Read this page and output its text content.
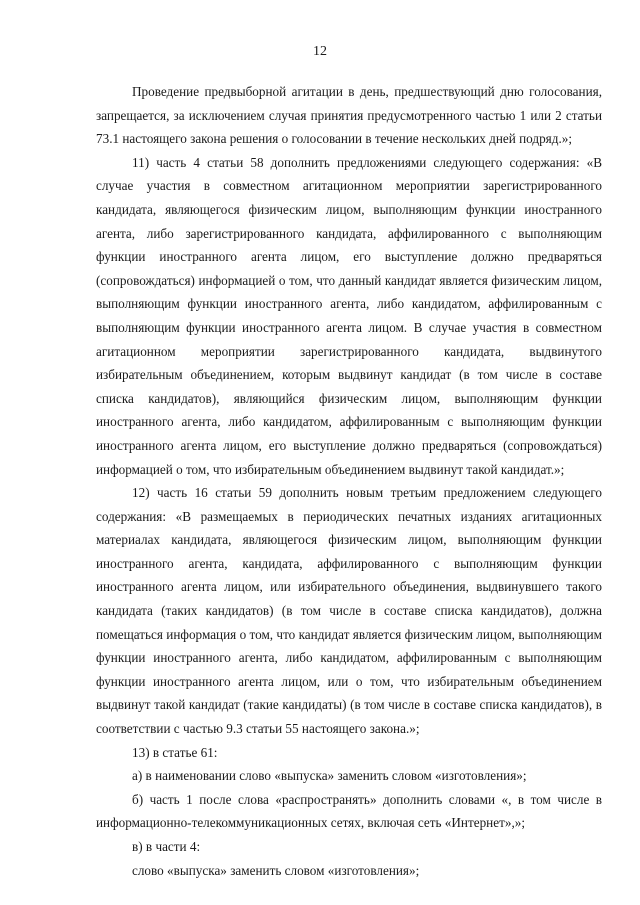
12

Проведение предвыборной агитации в день, предшествующий дню голосования, запрещается, за исключением случая принятия предусмотренного частью 1 или 2 статьи 73.1 настоящего закона решения о голосовании в течение нескольких дней подряд.»;

11) часть 4 статьи 58 дополнить предложениями следующего содержания: «В случае участия в совместном агитационном мероприятии зарегистрированного кандидата, являющегося физическим лицом, выполняющим функции иностранного агента, либо зарегистрированного кандидата, аффилированного с выполняющим функции иностранного агента лицом, его выступление должно предваряться (сопровождаться) информацией о том, что данный кандидат является физическим лицом, выполняющим функции иностранного агента, либо кандидатом, аффилированным с выполняющим функции иностранного агента лицом. В случае участия в совместном агитационном мероприятии зарегистрированного кандидата, выдвинутого избирательным объединением, которым выдвинут кандидат (в том числе в составе списка кандидатов), являющийся физическим лицом, выполняющим функции иностранного агента, либо кандидатом, аффилированным с выполняющим функции иностранного агента лицом, его выступление должно предваряться (сопровождаться) информацией о том, что избирательным объединением выдвинут такой кандидат.»;

12) часть 16 статьи 59 дополнить новым третьим предложением следующего содержания: «В размещаемых в периодических печатных изданиях агитационных материалах кандидата, являющегося физическим лицом, выполняющим функции иностранного агента, кандидата, аффилированного с выполняющим функции иностранного агента лицом, или избирательного объединения, выдвинувшего такого кандидата (таких кандидатов) (в том числе в составе списка кандидатов), должна помещаться информация о том, что кандидат является физическим лицом, выполняющим функции иностранного агента, либо кандидатом, аффилированным с выполняющим функции иностранного агента лицом, или о том, что избирательным объединением выдвинут такой кандидат (такие кандидаты) (в том числе в составе списка кандидатов), в соответствии с частью 9.3 статьи 55 настоящего закона.»;

13) в статье 61:

а) в наименовании слово «выпуска» заменить словом «изготовления»;

б) часть 1 после слова «распространять» дополнить словами «, в том числе в информационно-телекоммуникационных сетях, включая сеть «Интернет»,»;

в) в части 4:

слово «выпуска» заменить словом «изготовления»;
